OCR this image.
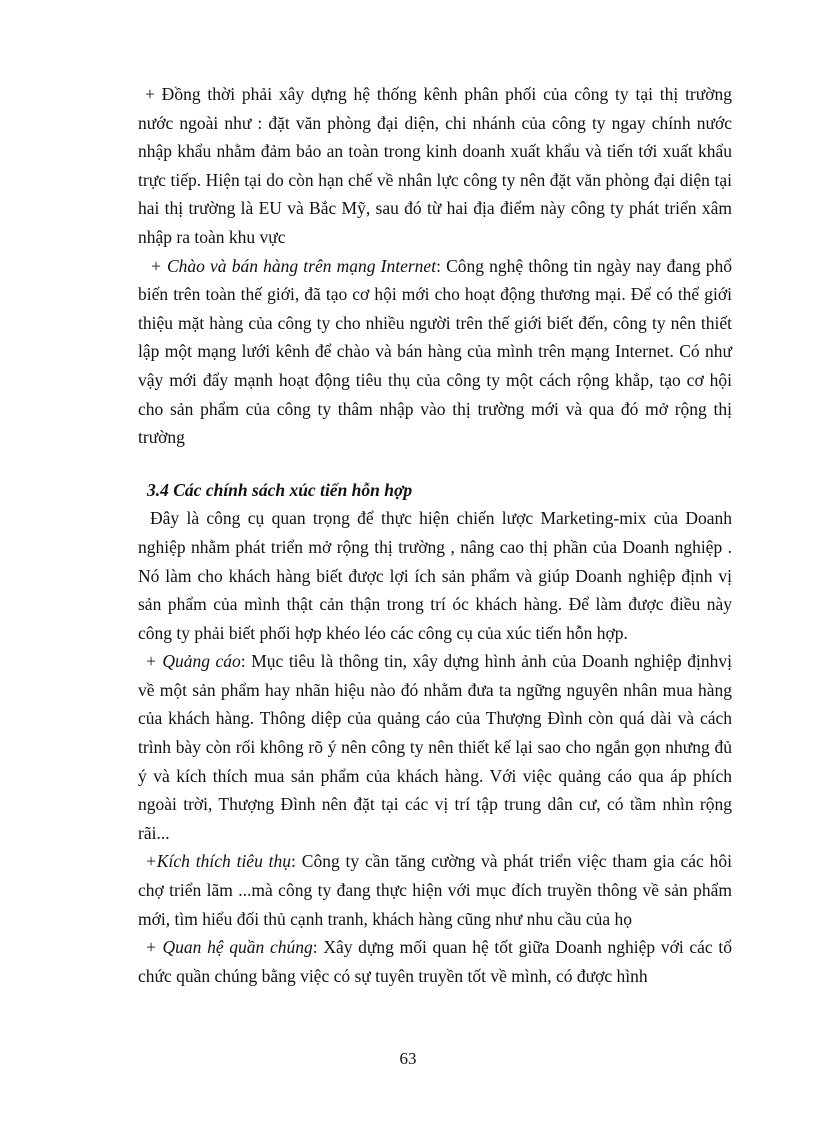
+ Đồng thời phải xây dựng hệ thống kênh phân phối của công ty tại thị trường nước ngoài như : đặt văn phòng đại diện, chi nhánh của công ty ngay chính nước nhập khẩu nhằm đảm bảo an toàn trong kinh doanh xuất khẩu và tiến tới xuất khẩu trực tiếp. Hiện tại do còn hạn chế về nhân lực công ty nên đặt văn phòng đại diện tại hai thị trường là EU và Bắc Mỹ, sau đó từ hai địa điểm này công ty phát triển xâm nhập ra toàn khu vực

+ Chào và bán hàng trên mạng Internet: Công nghệ thông tin ngày nay đang phổ biến trên toàn thế giới, đã tạo cơ hội mới cho hoạt động thương mại. Để có thể giới thiệu mặt hàng của công ty cho nhiều người trên thế giới biết đến, công ty nên thiết lập một mạng lưới kênh để chào và bán hàng của mình trên mạng Internet. Có như vậy mới đẩy mạnh hoạt động tiêu thụ của công ty một cách rộng khắp, tạo cơ hội cho sản phẩm của công ty thâm nhập vào thị trường mới và qua đó mở rộng thị trường

3.4 Các chính sách xúc tiến hỗn hợp

Đây là công cụ quan trọng để thực hiện chiến lược Marketing-mix của Doanh nghiệp nhằm phát triển mở rộng thị trường , nâng cao thị phần của Doanh nghiệp . Nó làm cho khách hàng biết được lợi ích sản phẩm và giúp Doanh nghiệp định vị sản phẩm của mình thật cản thận trong trí óc khách hàng. Để làm được điều này công ty phải biết phối hợp khéo léo các công cụ của xúc tiến hỗn hợp.

+ Quảng cáo: Mục tiêu là thông tin, xây dựng hình ảnh của Doanh nghiệp địnhvị về một sản phẩm hay nhãn hiệu nào đó nhằm đưa ta ngững nguyên nhân mua hàng của khách hàng. Thông diệp của quảng cáo của Thượng Đình còn quá dài và cách trình bày còn rối không rõ ý nên công ty nên thiết kế lại sao cho ngắn gọn nhưng đủ ý và kích thích mua sản phẩm của khách hàng. Với việc quảng cáo qua áp phích ngoài trời, Thượng Đình nên đặt tại các vị trí tập trung dân cư, có tầm nhìn rộng rãi...

+Kích thích tiêu thụ: Công ty cần tăng cường và phát triển việc tham gia các hôi chợ triển lãm ...mà công ty đang thực hiện với mục đích truyền thông về sản phẩm mới, tìm hiểu đối thủ cạnh tranh, khách hàng cũng như nhu cầu của họ

+ Quan hệ quần chúng: Xây dựng mối quan hệ tốt giữa Doanh nghiệp với các tổ chức quần chúng bằng việc có sự tuyên truyền tốt về mình, có được hình

63
